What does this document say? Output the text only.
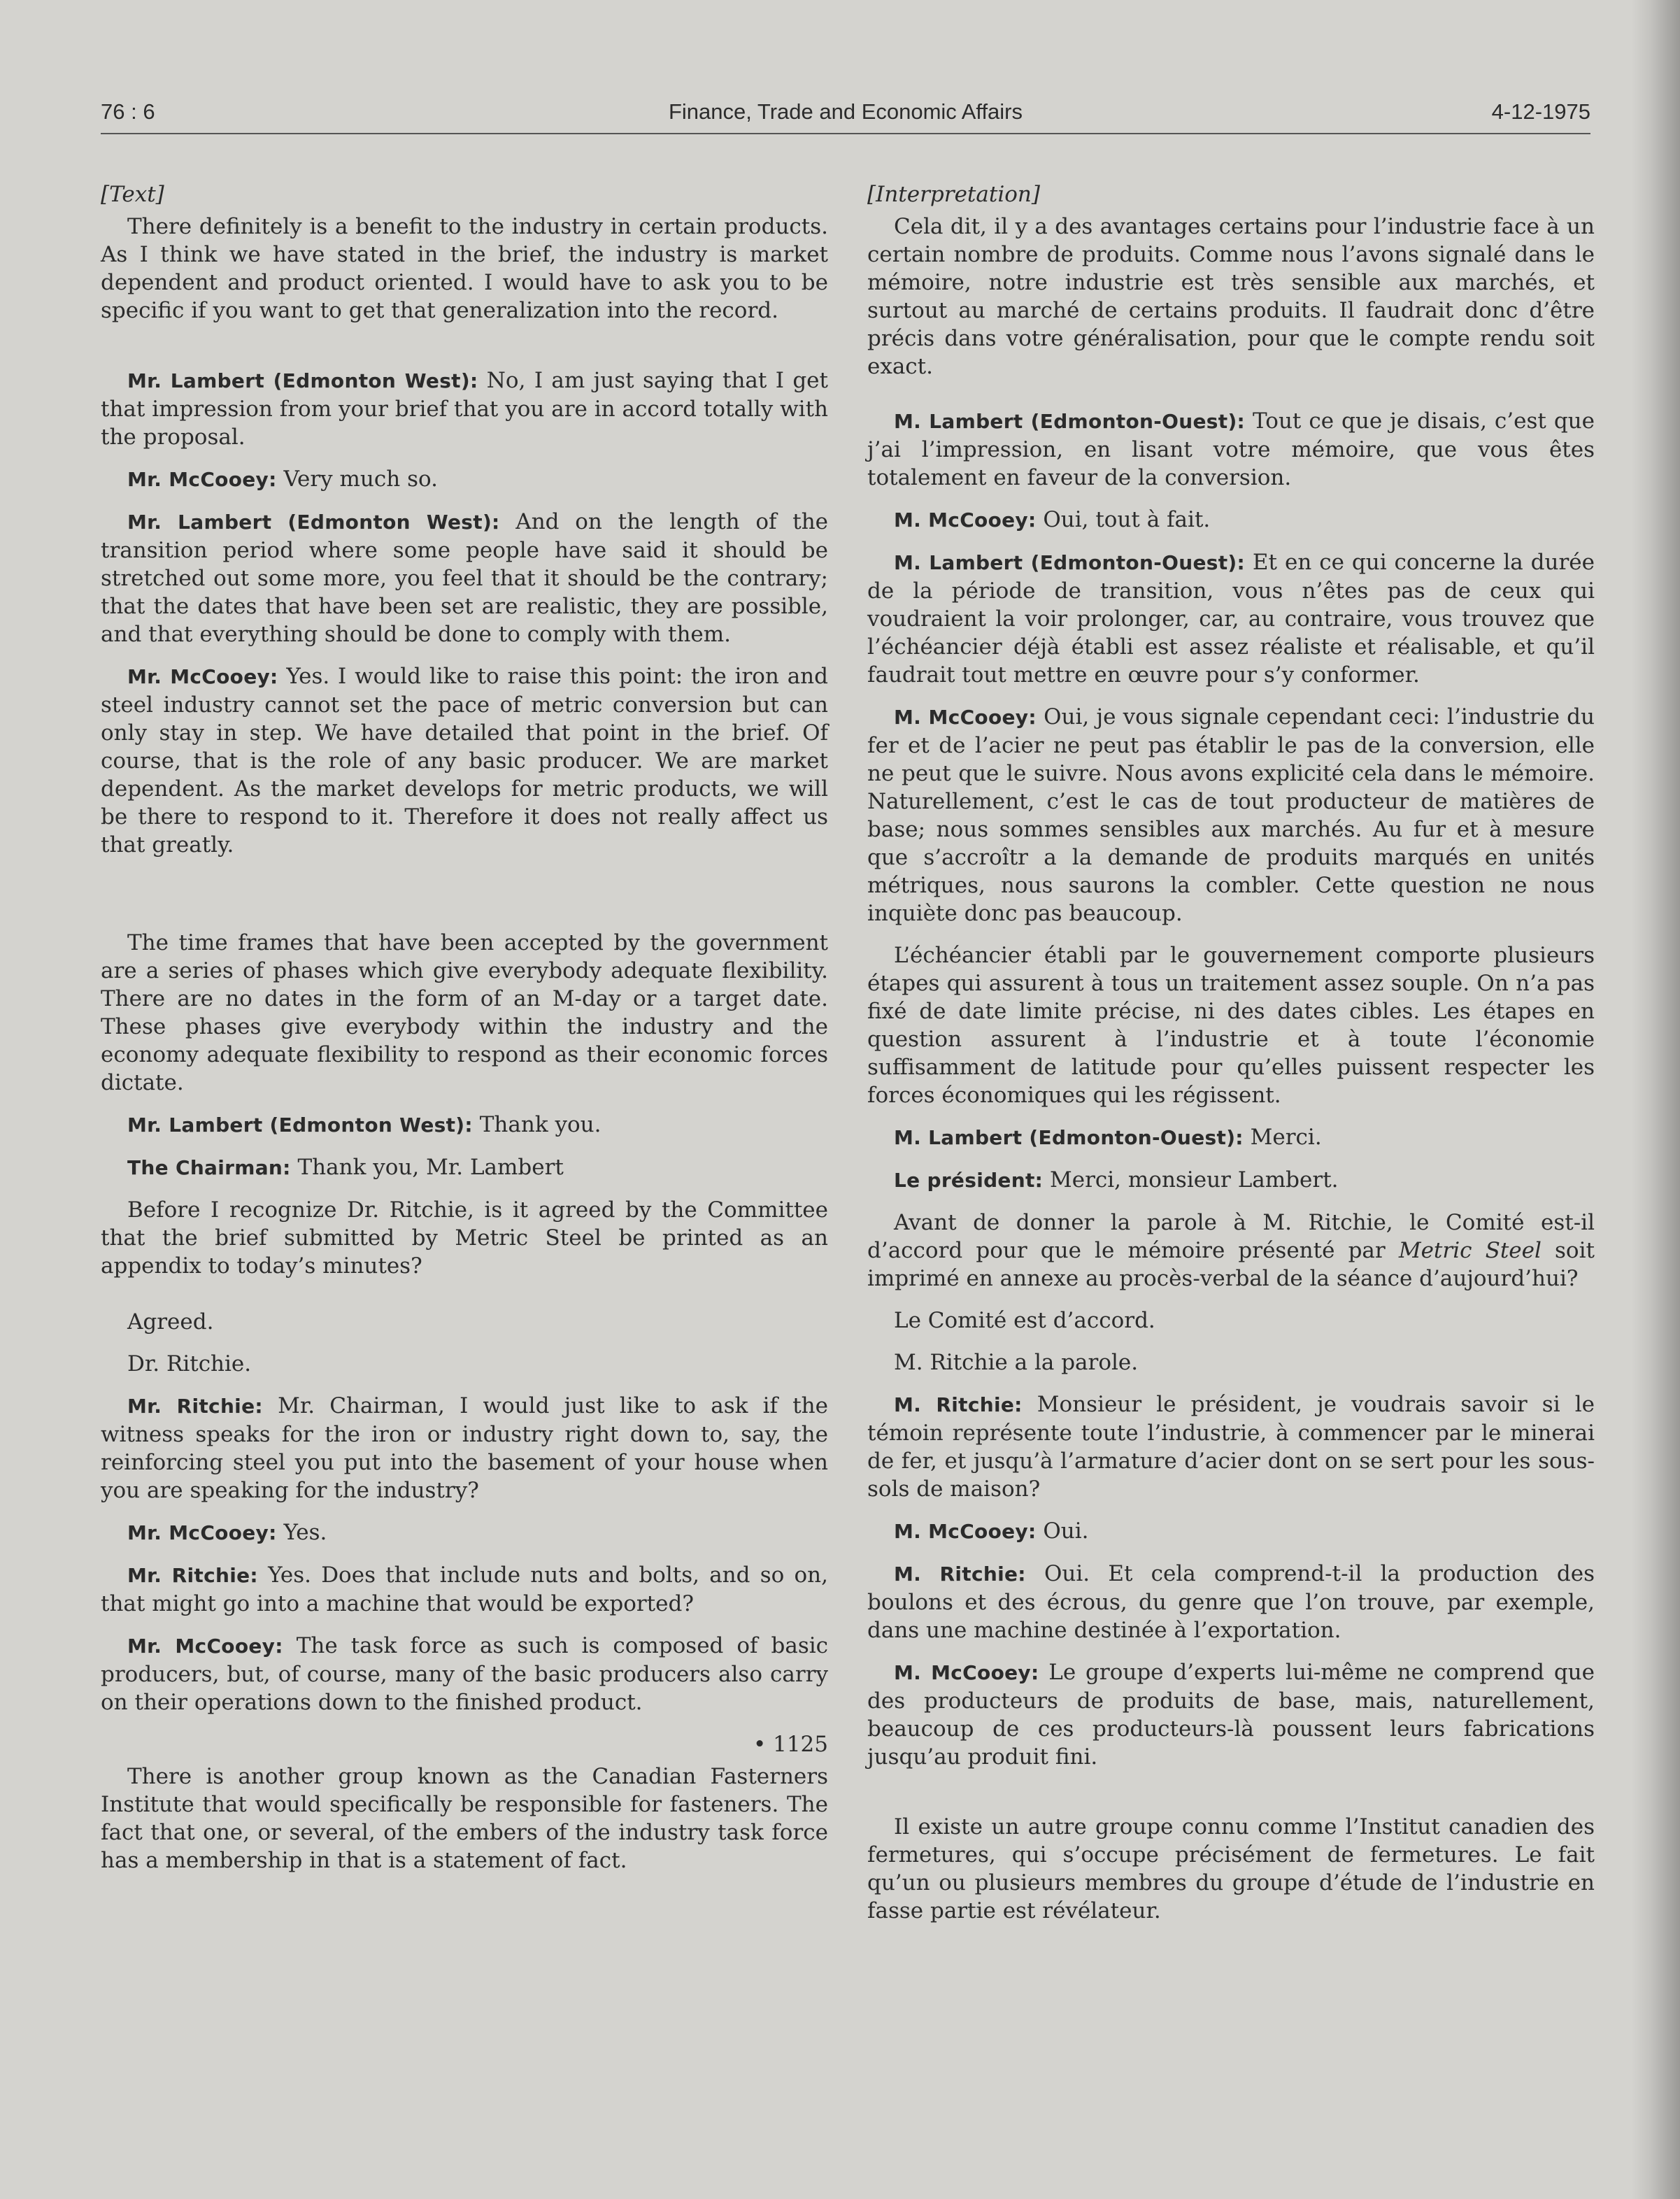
76 : 6	Finance, Trade and Economic Affairs	4-12-1975

[Text]

There definitely is a benefit to the industry in certain products. As I think we have stated in the brief, the industry is market dependent and product oriented. I would have to ask you to be specific if you want to get that generalization into the record.

Mr. Lambert (Edmonton West): No, I am just saying that I get that impression from your brief that you are in accord totally with the proposal.

Mr. McCooey: Very much so.

Mr. Lambert (Edmonton West): And on the length of the transition period where some people have said it should be stretched out some more, you feel that it should be the contrary; that the dates that have been set are realistic, they are possible, and that everything should be done to comply with them.

Mr. McCooey: Yes. I would like to raise this point: the iron and steel industry cannot set the pace of metric conversion but can only stay in step. We have detailed that point in the brief. Of course, that is the role of any basic producer. We are market dependent. As the market develops for metric products, we will be there to respond to it. Therefore it does not really affect us that greatly.

The time frames that have been accepted by the government are a series of phases which give everybody adequate flexibility. There are no dates in the form of an M-day or a target date. These phases give everybody within the industry and the economy adequate flexibility to respond as their economic forces dictate.

Mr. Lambert (Edmonton West): Thank you.

The Chairman: Thank you, Mr. Lambert

Before I recognize Dr. Ritchie, is it agreed by the Committee that the brief submitted by Metric Steel be printed as an appendix to today’s minutes?

Agreed.

Dr. Ritchie.

Mr. Ritchie: Mr. Chairman, I would just like to ask if the witness speaks for the iron or industry right down to, say, the reinforcing steel you put into the basement of your house when you are speaking for the industry?

Mr. McCooey: Yes.

Mr. Ritchie: Yes. Does that include nuts and bolts, and so on, that might go into a machine that would be exported?

Mr. McCooey: The task force as such is composed of basic producers, but, of course, many of the basic producers also carry on their operations down to the finished product.

• 1125

There is another group known as the Canadian Fasterners Institute that would specifically be responsible for fasteners. The fact that one, or several, of the embers of the industry task force has a membership in that is a statement of fact.

[Interpretation]

Cela dit, il y a des avantages certains pour l’industrie face à un certain nombre de produits. Comme nous l’avons signalé dans le mémoire, notre industrie est très sensible aux marchés, et surtout au marché de certains produits. Il faudrait donc d’être précis dans votre généralisation, pour que le compte rendu soit exact.

M. Lambert (Edmonton-Ouest): Tout ce que je disais, c’est que j’ai l’impression, en lisant votre mémoire, que vous êtes totalement en faveur de la conversion.

M. McCooey: Oui, tout à fait.

M. Lambert (Edmonton-Ouest): Et en ce qui concerne la durée de la période de transition, vous n’êtes pas de ceux qui voudraient la voir prolonger, car, au contraire, vous trouvez que l’échéancier déjà établi est assez réaliste et réalisable, et qu’il faudrait tout mettre en œuvre pour s’y conformer.

M. McCooey: Oui, je vous signale cependant ceci: l’industrie du fer et de l’acier ne peut pas établir le pas de la conversion, elle ne peut que le suivre. Nous avons explicité cela dans le mémoire. Naturellement, c’est le cas de tout producteur de matières de base; nous sommes sensibles aux marchés. Au fur et à mesure que s’accroîtr a la demande de produits marqués en unités métriques, nous saurons la combler. Cette question ne nous inquiète donc pas beaucoup.

L’échéancier établi par le gouvernement comporte plusieurs étapes qui assurent à tous un traitement assez souple. On n’a pas fixé de date limite précise, ni des dates cibles. Les étapes en question assurent à l’industrie et à toute l’économie suffisamment de latitude pour qu’elles puissent respecter les forces économiques qui les régissent.

M. Lambert (Edmonton-Ouest): Merci.

Le président: Merci, monsieur Lambert.

Avant de donner la parole à M. Ritchie, le Comité est-il d’accord pour que le mémoire présenté par Metric Steel soit imprimé en annexe au procès-verbal de la séance d’aujourd’hui?

Le Comité est d’accord.

M. Ritchie a la parole.

M. Ritchie: Monsieur le président, je voudrais savoir si le témoin représente toute l’industrie, à commencer par le minerai de fer, et jusqu’à l’armature d’acier dont on se sert pour les sous-sols de maison?

M. McCooey: Oui.

M. Ritchie: Oui. Et cela comprend-t-il la production des boulons et des écrous, du genre que l’on trouve, par exemple, dans une machine destinée à l’exportation.

M. McCooey: Le groupe d’experts lui-même ne comprend que des producteurs de produits de base, mais, naturellement, beaucoup de ces producteurs-là poussent leurs fabrications jusqu’au produit fini.

Il existe un autre groupe connu comme l’Institut canadien des fermetures, qui s’occupe précisément de fermetures. Le fait qu’un ou plusieurs membres du groupe d’étude de l’industrie en fasse partie est révélateur.
